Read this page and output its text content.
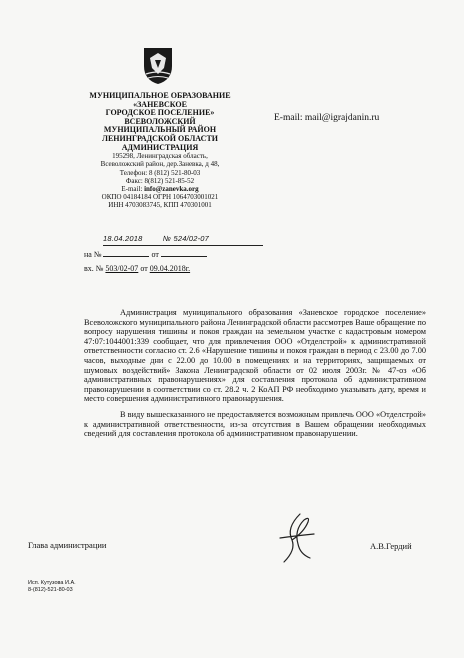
МУНИЦИПАЛЬНОЕ ОБРАЗОВАНИЕ
«ЗАНЕВСКОЕ
ГОРОДСКОЕ ПОСЕЛЕНИЕ»
ВСЕВОЛОЖСКИЙ
МУНИЦИПАЛЬНЫЙ РАЙОН
ЛЕНИНГРАДСКОЙ ОБЛАСТИ
АДМИНИСТРАЦИЯ
195298, Ленинградская область,
Всеволожский район, дер.Заневка, д 48,
Телефон: 8 (812) 521-80-03
Факс: 8(812) 521-85-52
E-mail: info@zanevka.org
ОКПО 04184184 ОГРН 1064703001021
ИНН 4703083745, КПП 470301001
E-mail: mail@igrajdanin.ru
18.04.2018	№ 524/02-07
на №	от
вх. № 503/02-07 от 09.04.2018г.

Администрация муниципального образования «Заневское городское поселение» Всеволожского муниципального района Ленинградской области рассмотрев Ваше обращение по вопросу нарушения тишины и покоя граждан на земельном участке с кадастровым номером 47:07:1044001:339 сообщает, что для привлечения ООО «Отделстрой» к административной ответственности согласно ст. 2.6 «Нарушение тишины и покоя граждан в период с 23.00 до 7.00 часов, выходные дни с 22.00 до 10.00 в помещениях и на территориях, защищаемых от шумовых воздействий» Закона Ленинградской области от 02 июля 2003г. № 47-оз «Об административных правонарушениях» для составления протокола об административном правонарушении в соответствии со ст. 28.2 ч. 2 КоАП РФ необходимо указывать дату, время и место совершения административного правонарушения.

В виду вышесказанного не предоставляется возможным привлечь ООО «Отделстрой» к административной ответственности, из-за отсутствия в Вашем обращении необходимых сведений для составления протокола об административном правонарушении.

Глава администрации	А.В.Гердий
Исп. Кутузова И.А.
8-(812)-521-80-03
